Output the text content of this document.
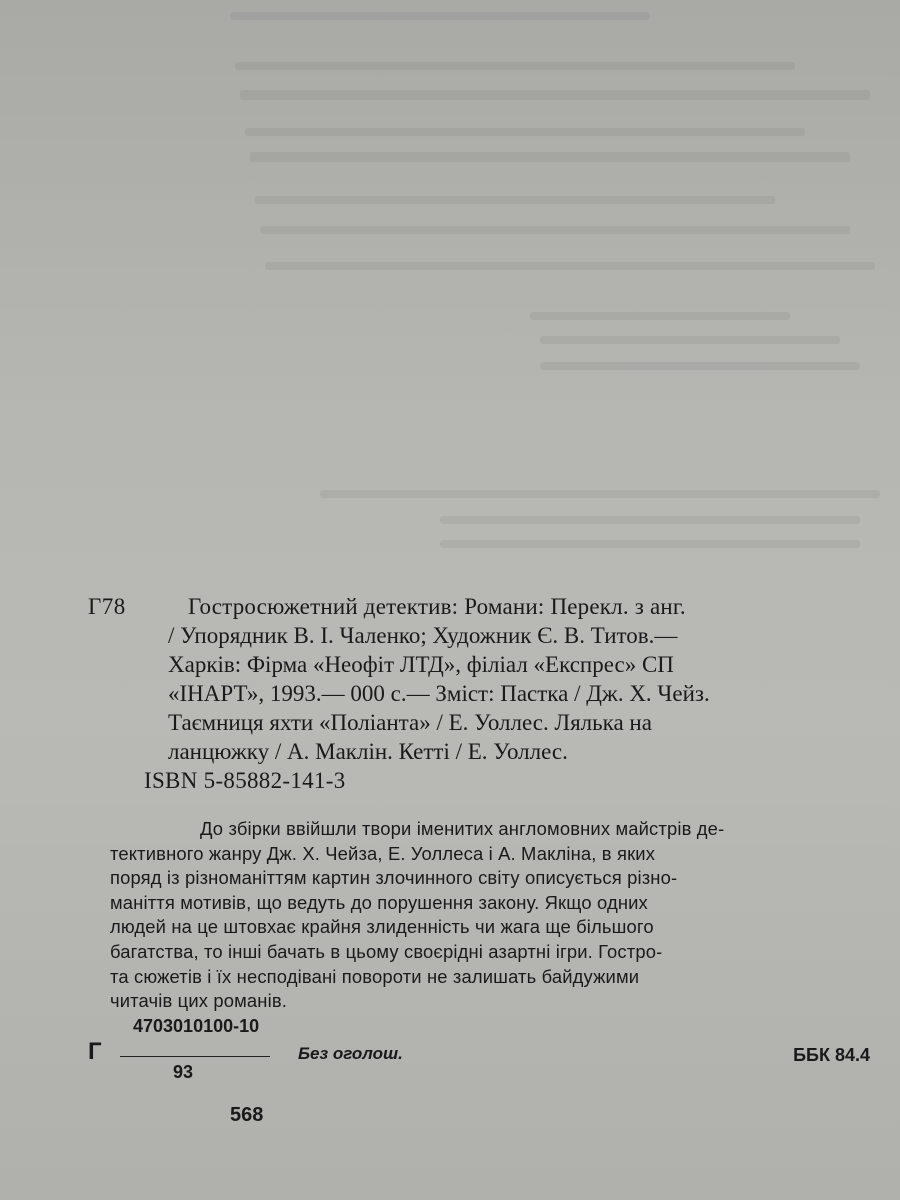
Г78	Гостросюжетний детектив: Романи: Перекл. з анг.
/ Упорядник В. І. Чаленко; Художник Є. В. Титов.—
Харків: Фірма «Неофіт ЛТД», філіал «Експрес» СП
«ІНАРТ», 1993.— 000 с.— Зміст: Пастка / Дж. Х. Чейз.
Таємниця яхти «Поліанта» / Е. Уоллес. Лялька на
ланцюжку / А. Маклін. Кетті / Е. Уоллес.
ISBN 5-85882-141-3
До збірки ввійшли твори іменитих англомовних майстрів де-
тективного жанру Дж. Х. Чейза, Е. Уоллеса і А. Макліна, в яких
поряд із різноманіттям картин злочинного світу описується різно-
маніття мотивів, що ведуть до порушення закону. Якщо одних
людей на це штовхає крайня злиденність чи жага ще більшого
багатства, то інші бачать в цьому своєрідні азартні ігри. Гостро-
та сюжетів і їх несподівані повороти не залишать байдужими
читачів цих романів.
Г
4703010100-10
93
Без оголош.	ББК 84.4
568
